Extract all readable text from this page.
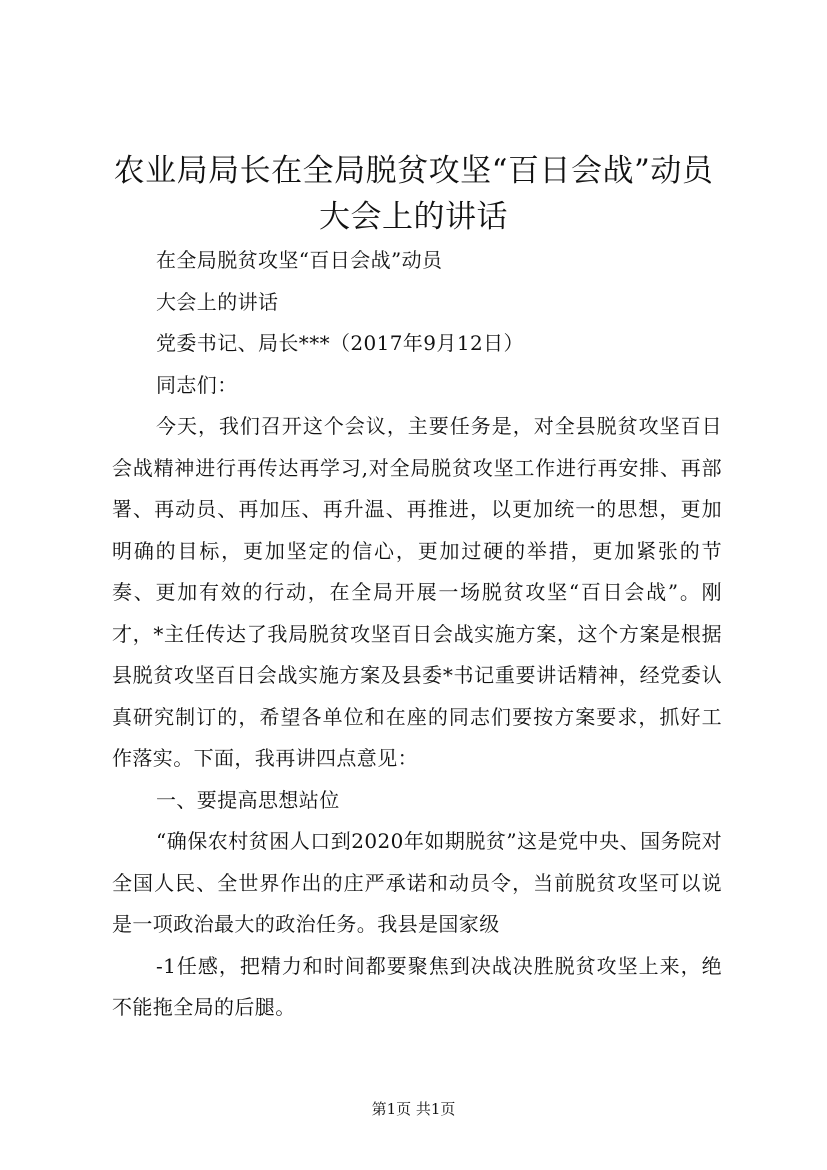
农业局局长在全局脱贫攻坚“百日会战”动员大会上的讲话

在全局脱贫攻坚“百日会战”动员

大会上的讲话

党委书记、局长***（2017年9月12日）

同志们：

今天，我们召开这个会议，主要任务是，对全县脱贫攻坚百日会战精神进行再传达再学习,对全局脱贫攻坚工作进行再安排、再部署、再动员、再加压、再升温、再推进，以更加统一的思想，更加明确的目标，更加坚定的信心，更加过硬的举措，更加紧张的节奏、更加有效的行动，在全局开展一场脱贫攻坚“百日会战”。刚才，*主任传达了我局脱贫攻坚百日会战实施方案，这个方案是根据县脱贫攻坚百日会战实施方案及县委*书记重要讲话精神，经党委认真研究制订的，希望各单位和在座的同志们要按方案要求，抓好工作落实。下面，我再讲四点意见：

一、要提高思想站位

“确保农村贫困人口到2020年如期脱贫”这是党中央、国务院对全国人民、全世界作出的庄严承诺和动员令，当前脱贫攻坚可以说是一项政治最大的政治任务。我县是国家级

-1任感，把精力和时间都要聚焦到决战决胜脱贫攻坚上来，绝不能拖全局的后腿。

第1页 共1页
